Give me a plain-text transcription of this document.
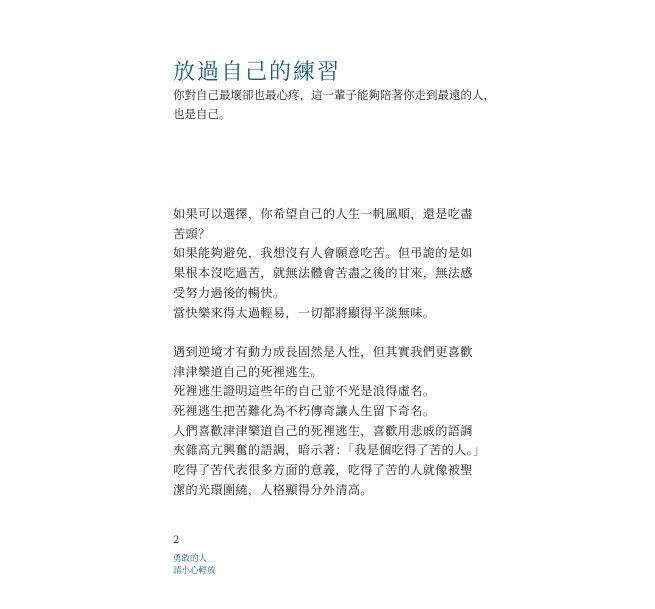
放過自己的練習
你對自己最壞卻也最心疼，這一輩子能夠陪著你走到最遠的人，
也是自己。
如果可以選擇，你希望自己的人生一帆風順，還是吃盡
苦頭？
如果能夠避免，我想沒有人會願意吃苦。但弔詭的是如
果根本沒吃過苦，就無法體會苦盡之後的甘來，無法感
受努力過後的暢快。
當快樂來得太過輕易，一切都將顯得平淡無味。
遇到逆境才有動力成長固然是人性，但其實我們更喜歡
津津樂道自己的死裡逃生。
死裡逃生證明這些年的自己並不光是浪得虛名。
死裡逃生把苦難化為不朽傳奇讓人生留下奇名。
人們喜歡津津樂道自己的死裡逃生，喜歡用悲戚的語調
夾雜高亢興奮的語調，暗示著：「我是個吃得了苦的人。」
吃得了苦代表很多方面的意義，吃得了苦的人就像被聖
潔的光環圍繞，人格顯得分外清高。
2
勇敢的人
請小心輕放
